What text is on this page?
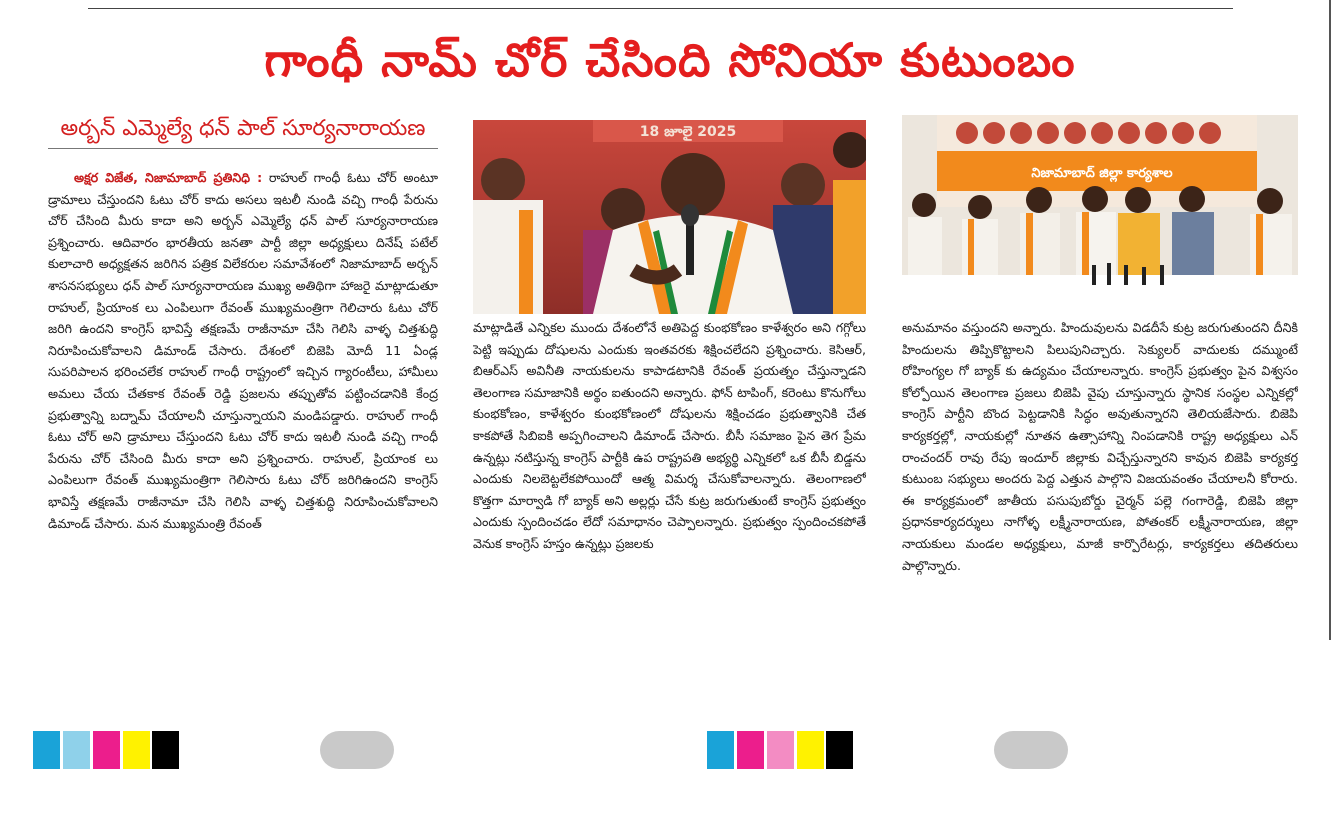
గాంధీ నామ్ చోర్ చేసింది సోనియా కుటుంబం
అర్బన్ ఎమ్మెల్యే ధన్ పాల్ సూర్యనారాయణ
అక్షర విజేత, నిజామాబాద్ ప్రతినిధి : రాహుల్ గాంధీ ఓటు చోర్ అంటూ డ్రామాలు చేస్తుందని ఓటు చోర్ కాదు అసలు ఇటలీ నుండి వచ్చి గాంధీ పేరును చోర్ చేసింది మీరు కాదా అని అర్బన్ ఎమ్మెల్యే ధన్ పాల్ సూర్యనారాయణ ప్రశ్నించారు. ఆదివారం భారతీయ జనతా పార్టీ జిల్లా అధ్యక్షులు దినేష్ పటేల్ కులాచారి అధ్యక్షతన జరిగిన పత్రిక విలేకరుల సమావేశంలో నిజామాబాద్ అర్బన్ శాసనసభ్యులు ధన్ పాల్ సూర్యనారాయణ ముఖ్య అతిథిగా హాజరై మాట్లాడుతూ రాహుల్, ప్రియాంక లు ఎంపిలుగా రేవంత్ ముఖ్యమంత్రిగా గెలిచారు ఓటు చోర్ జరిగి ఉందని కాంగ్రెస్ భావిస్తే తక్షణమే రాజీనామా చేసి గెలిసి వాళ్ళ చిత్తశుద్ధి నిరూపించుకోవాలని డిమాండ్ చేసారు. దేశంలో బిజెపి మోదీ 11 ఏండ్ల సుపరిపాలన భరించలేక రాహుల్ గాంధీ రాష్ట్రంలో ఇచ్చిన గ్యారంటీలు, హామీలు అమలు చేయ చేతకాక రేవంత్ రెడ్డి ప్రజలను తప్పుతోవ పట్టించడానికి కేంద్ర ప్రభుత్వాన్ని బద్నామ్ చేయాలనీ చూస్తున్నాయని మండిపడ్డారు. రాహుల్ గాంధీ ఓటు చోర్ అని డ్రామాలు చేస్తుందని ఓటు చోర్ కాదు ఇటలీ నుండి వచ్చి గాంధీ పేరును చోర్ చేసింది మీరు కాదా అని ప్రశ్నించారు. రాహుల్, ప్రియాంక లు ఎంపిలుగా రేవంత్ ముఖ్యమంత్రిగా గెలిసారు ఓటు చోర్ జరిగిఉందని కాంగ్రెస్ భావిస్తే తక్షణమే రాజీనామా చేసి గెలిసి వాళ్ళ చిత్తశుద్ధి నిరూపించుకోవాలని డిమాండ్ చేసారు. మన ముఖ్యమంత్రి రేవంత్
18 జూలై 2025
మాట్లాడితే ఎన్నికల ముందు దేశంలోనే అతిపెద్ద కుంభకోణం కాళేశ్వరం అని గగ్గోలు పెట్టి ఇప్పుడు దోషులను ఎందుకు ఇంతవరకు శిక్షించలేదని ప్రశ్నించారు. కెసిఆర్, బిఆర్ఎస్ అవినీతి నాయకులను కాపాడటానికి రేవంత్ ప్రయత్నం చేస్తున్నాడని తెలంగాణ సమాజానికి అర్థం ఐతుందని అన్నారు. ఫోన్ టాపింగ్, కరెంటు కొనుగోలు కుంభకోణం, కాళేశ్వరం కుంభకోణంలో దోషులను శిక్షించడం ప్రభుత్వానికి చేత కాకపోతే సిబిఐకి అప్పగించాలని డిమాండ్ చేసారు. బీసీ సమాజం పైన తెగ ప్రేమ ఉన్నట్లు నటిస్తున్న కాంగ్రెస్ పార్టీకి ఉప రాష్ట్రపతి అభ్యర్థి ఎన్నికలో ఒక బీసీ బిడ్డను ఎందుకు నిలబెట్టలేకపోయిందో ఆత్మ విమర్శ చేసుకోవాలన్నారు. తెలంగాణలో కొత్తగా మార్వాడి గో బ్యాక్ అని అల్లర్లు చేసే కుట్ర జరుగుతుంటే కాంగ్రెస్ ప్రభుత్వం ఎందుకు స్పందించడం లేదో సమాధానం చెప్పాలన్నారు. ప్రభుత్వం స్పందించకపోతే వెనుక కాంగ్రెస్ హస్తం ఉన్నట్లు ప్రజలకు
నిజామాబాద్ జిల్లా కార్యశాల
అనుమానం వస్తుందని అన్నారు. హిందువులను విడదీసే కుట్ర జరుగుతుందని దీనికి హిందులను తిప్పికొట్టాలని పిలుపునిచ్చారు. సెక్యులర్ వాదులకు దమ్ముంటే రోహింగ్యల గో బ్యాక్ కు ఉద్యమం చేయాలన్నారు. కాంగ్రెస్ ప్రభుత్వం పైన విశ్వసం కోల్పోయిన తెలంగాణ ప్రజలు బిజెపి వైపు చూస్తున్నారు స్థానిక సంస్థల ఎన్నికల్లో కాంగ్రెస్ పార్టీని బొంద పెట్టడానికి సిద్ధం అవుతున్నారని తెలియజేసారు. బిజెపి కార్యకర్తల్లో, నాయకుల్లో నూతన ఉత్సాహాన్ని నింపడానికి రాష్ట్ర అధ్యక్షులు ఎన్ రాంచందర్ రావు రేపు ఇందూర్ జిల్లాకు విచ్చేస్తున్నారని కావున బిజెపి కార్యకర్త కుటుంబ సభ్యులు అందరు పెద్ద ఎత్తున పాల్గొని విజయవంతం చేయాలనీ కోరారు. ఈ కార్యక్రమంలో జాతీయ పసుపుబోర్డు చైర్మన్ పల్లె గంగారెడ్డి, బిజెపి జిల్లా ప్రధానకార్యదర్శులు నాగోళ్ళ లక్ష్మీనారాయణ, పోతంకర్ లక్ష్మీనారాయణ, జిల్లా నాయకులు మండల అధ్యక్షులు, మాజీ కార్పొరేటర్లు, కార్యకర్తలు తదితరులు పాల్గొన్నారు.
